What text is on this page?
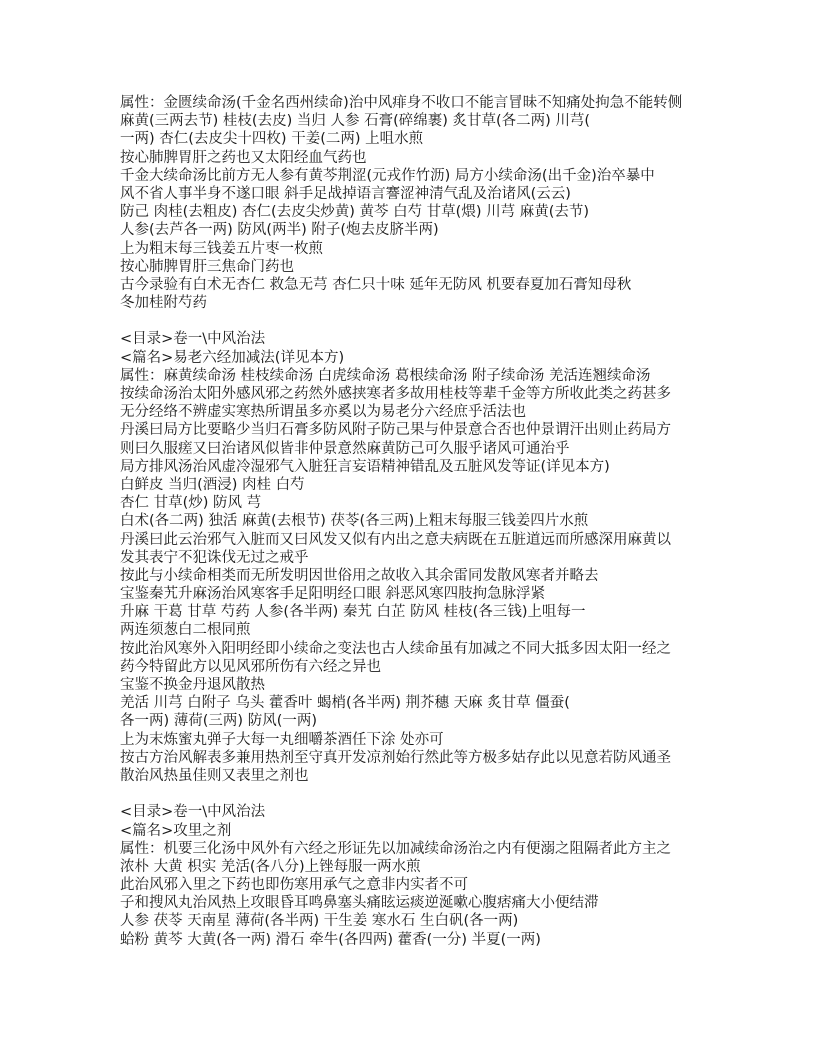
属性：金匮续命汤(千金名西州续命)治中风痱身不收口不能言冒昧不知痛处拘急不能转侧
麻黄(三两去节) 桂枝(去皮) 当归 人参 石膏(碎绵裹) 炙甘草(各二两) 川芎(
一两) 杏仁(去皮尖十四枚) 干姜(二两) 上咀水煎
按心肺脾胃肝之药也又太阳经血气药也
千金大续命汤比前方无人参有黄芩荆涩(元戎作竹沥) 局方小续命汤(出千金)治卒暴中
风不省人事半身不遂口眼 斜手足战掉语言謇涩神清气乱及治诸风(云云)
防己 肉桂(去粗皮) 杏仁(去皮尖炒黄) 黄芩 白芍 甘草(煨) 川芎 麻黄(去节)
人参(去芦各一两) 防风(两半) 附子(炮去皮脐半两)
上为粗末每三钱姜五片枣一枚煎
按心肺脾胃肝三焦命门药也
古今录验有白术无杏仁 救急无芎 杏仁只十味 延年无防风 机要春夏加石膏知母秋
冬加桂附芍药
<目录>卷一\中风治法
<篇名>易老六经加减法(详见本方)
属性：麻黄续命汤 桂枝续命汤 白虎续命汤 葛根续命汤 附子续命汤 羌活连翘续命汤
按续命汤治太阳外感风邪之药然外感挟寒者多故用桂枝等辈千金等方所收此类之药甚多
无分经络不辨虚实寒热所谓虽多亦奚以为易老分六经庶乎活法也
丹溪曰局方比要略少当归石膏多防风附子防己果与仲景意合否也仲景谓汗出则止药局方
则曰久服瘥又曰治诸风似皆非仲景意然麻黄防己可久服乎诸风可通治乎
局方排风汤治风虚冷湿邪气入脏狂言妄语精神错乱及五脏风发等证(详见本方)
白鲜皮 当归(酒浸) 肉桂 白芍
杏仁 甘草(炒) 防风 芎
白术(各二两) 独活 麻黄(去根节) 茯苓(各三两)上粗末每服三钱姜四片水煎
丹溪曰此云治邪气入脏而又曰风发又似有内出之意夫病既在五脏道远而所感深用麻黄以
发其表宁不犯诛伐无过之戒乎
按此与小续命相类而无所发明因世俗用之故收入其余雷同发散风寒者并略去
宝鉴秦艽升麻汤治风寒客手足阳明经口眼 斜恶风寒四肢拘急脉浮紧
升麻 干葛 甘草 芍药 人参(各半两) 秦艽 白芷 防风 桂枝(各三钱)上咀每一
两连须葱白二根同煎
按此治风寒外入阳明经即小续命之变法也古人续命虽有加减之不同大抵多因太阳一经之
药今特留此方以见风邪所伤有六经之异也
宝鉴不换金丹退风散热
羌活 川芎 白附子 乌头 藿香叶 蝎梢(各半两) 荆芥穗 天麻 炙甘草 僵蚕(
各一两) 薄荷(三两) 防风(一两)
上为末炼蜜丸弹子大每一丸细嚼茶酒任下涂 处亦可
按古方治风解表多兼用热剂至守真开发凉剂始行然此等方极多姑存此以见意若防风通圣
散治风热虽佳则又表里之剂也
<目录>卷一\中风治法
<篇名>攻里之剂
属性：机要三化汤中风外有六经之形证先以加减续命汤治之内有便溺之阻隔者此方主之
浓朴 大黄 枳实 羌活(各八分)上锉每服一两水煎
此治风邪入里之下药也即伤寒用承气之意非内实者不可
子和搜风丸治风热上攻眼昏耳鸣鼻塞头痛眩运痰逆涎嗽心腹痞痛大小便结滞
人参 茯苓 天南星 薄荷(各半两) 干生姜 寒水石 生白矾(各一两)
蛤粉 黄芩 大黄(各一两) 滑石 牵牛(各四两) 藿香(一分) 半夏(一两)
